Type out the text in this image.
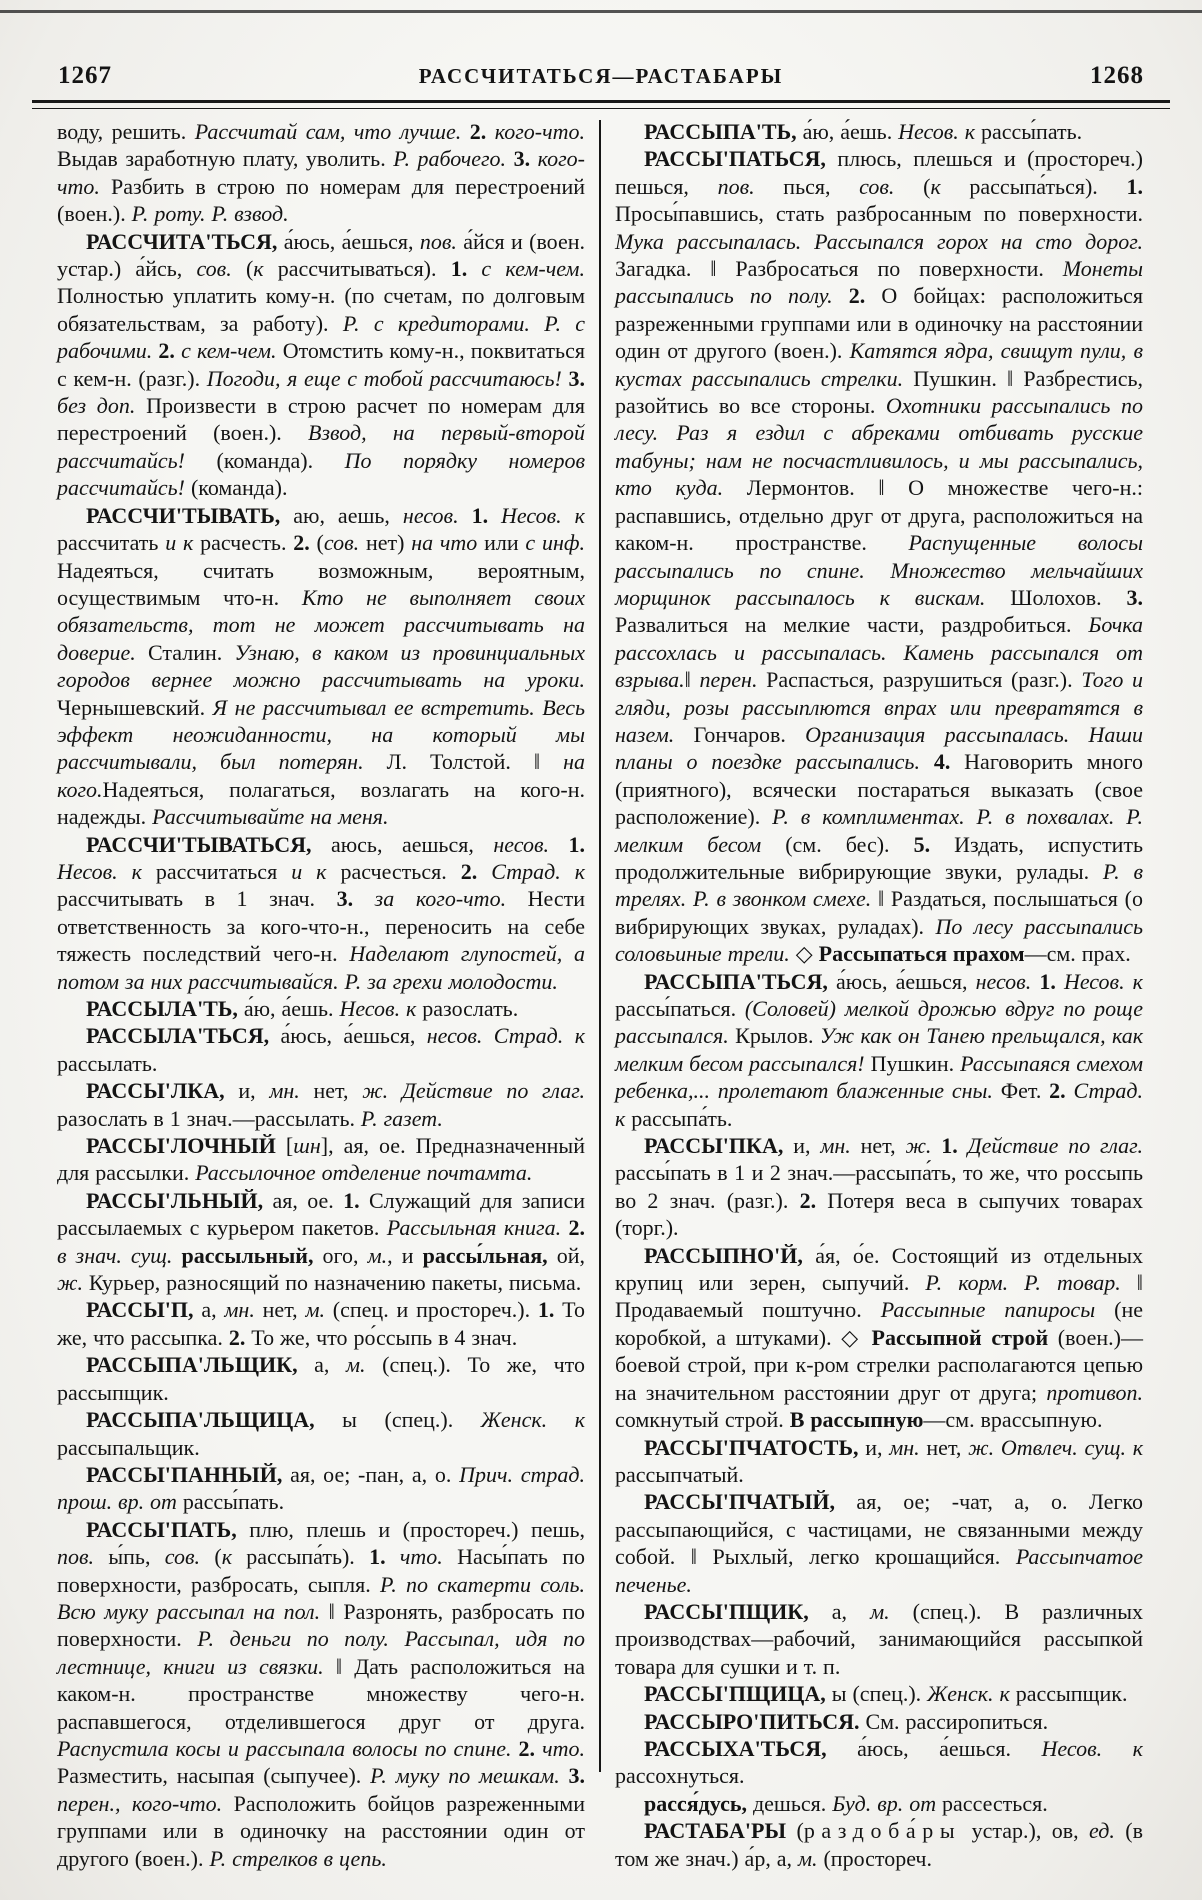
1267	РАССЧИТАТЬСЯ—РАСТАБАРЫ	1268

воду, решить. Рассчитай сам, что лучше. 2. кого-что. Выдав заработную плату, уволить. Р. рабочего. 3. кого-что. Разбить в строю по номерам для перестроений (воен.). Р. роту. Р. взвод.

РАССЧИТА'ТЬСЯ, а́юсь, а́ешься, пов. а́йся и (воен. устар.) а́йсь, сов. (к рассчитываться). 1. с кем-чем. Полностью уплатить кому-н. (по счетам, по долговым обязательствам, за работу). Р. с кредиторами. Р. с рабочими. 2. с кем-чем. Отомстить кому-н., поквитаться с кем-н. (разг.). Погоди, я еще с тобой рассчитаюсь! 3. без доп. Произвести в строю расчет по номерам для перестроений (воен.). Взвод, на первый-второй рассчитайсь! (команда). По порядку номеров рассчитайсь! (команда).

РАССЧИ'ТЫВАТЬ, аю, аешь, несов. 1. Несов. к рассчитать и к расчесть. 2. (сов. нет) на что или с инф. Надеяться, считать возможным, вероятным, осуществимым что-н. Кто не выполняет своих обязательств, тот не может рассчитывать на доверие. Сталин. Узнаю, в каком из провинциальных городов вернее можно рассчитывать на уроки. Чернышевский. Я не рассчитывал ее встретить. Весь эффект неожиданности, на который мы рассчитывали, был потерян. Л. Толстой. ‖ на кого.Надеяться, полагаться, возлагать на кого-н. надежды. Рассчитывайте на меня.

РАССЧИ'ТЫВАТЬСЯ, аюсь, аешься, несов. 1. Несов. к рассчитаться и к расчесться. 2. Страд. к рассчитывать в 1 знач. 3. за кого-что. Нести ответственность за кого-что-н., переносить на себе тяжесть последствий чего-н. Наделают глупостей, а потом за них рассчитывайся. Р. за грехи молодости.

РАССЫЛА'ТЬ, а́ю, а́ешь. Несов. к разослать.

РАССЫЛА'ТЬСЯ, а́юсь, а́ешься, несов. Страд. к рассылать.

РАССЫ'ЛКА, и, мн. нет, ж. Действие по глаг. разослать в 1 знач.—рассылать. Р. газет.

РАССЫ'ЛОЧНЫЙ [шн], ая, ое. Предназначенный для рассылки. Рассылочное отделение почтамта.

РАССЫ'ЛЬНЫЙ, ая, ое. 1. Служащий для записи рассылаемых с курьером пакетов. Рассыльная книга. 2. в знач. сущ. рассыльный, ого, м., и рассы́льная, ой, ж. Курьер, разносящий по назначению пакеты, письма.

РАССЫ'П, а, мн. нет, м. (спец. и простореч.). 1. То же, что рассыпка. 2. То же, что ро́ссыпь в 4 знач.

РАССЫПА'ЛЬЩИК, а, м. (спец.). То же, что рассыпщик.

РАССЫПА'ЛЬЩИЦА, ы (спец.). Женск. к рассыпальщик.

РАССЫ'ПАННЫЙ, ая, ое; -пан, а, о. Прич. страд. прош. вр. от рассы́пать.

РАССЫ'ПАТЬ, плю, плешь и (простореч.) пешь, пов. ы́пь, сов. (к рассыпа́ть). 1. что. Насы́пать по поверхности, разбросать, сыпля. Р. по скатерти соль. Всю муку рассыпал на пол. ‖ Разронять, разбросать по поверхности. Р. деньги по полу. Рассыпал, идя по лестнице, книги из связки. ‖ Дать расположиться на каком-н. пространстве множеству чего-н. распавшегося, отделившегося друг от друга. Распустила косы и рассыпала волосы по спине. 2. что. Разместить, насыпая (сыпучее). Р. муку по мешкам. 3. перен., кого-что. Расположить бойцов разреженными группами или в одиночку на расстоянии один от другого (воен.). Р. стрелков в цепь.

РАССЫПА'ТЬ, а́ю, а́ешь. Несов. к рассы́пать.

РАССЫ'ПАТЬСЯ, плюсь, плешься и (простореч.) пешься, пов. пься, сов. (к рассыпа́ться). 1. Просы́павшись, стать разбросанным по поверхности. Мука рассыпалась. Рассыпался горох на сто дорог. Загадка. ‖ Разбросаться по поверхности. Монеты рассыпались по полу. 2. О бойцах: расположиться разреженными группами или в одиночку на расстоянии один от другого (воен.). Катятся ядра, свищут пули, в кустах рассыпались стрелки. Пушкин. ‖ Разбрестись, разойтись во все стороны. Охотники рассыпались по лесу. Раз я ездил с абреками отбивать русские табуны; нам не посчастливилось, и мы рассыпались, кто куда. Лермонтов. ‖ О множестве чего-н.: распавшись, отдельно друг от друга, расположиться на каком-н. пространстве. Распущенные волосы рассыпались по спине. Множество мельчайших морщинок рассыпалось к вискам. Шолохов. 3. Развалиться на мелкие части, раздробиться. Бочка рассохлась и рассыпалась. Камень рассыпался от взрыва.‖ перен. Распасться, разрушиться (разг.). Того и гляди, розы рассыплются впрах или превратятся в назем. Гончаров. Организация рассыпалась. Наши планы о поездке рассыпались. 4. Наговорить много (приятного), всячески постараться выказать (свое расположение). Р. в комплиментах. Р. в похвалах. Р. мелким бесом (см. бес). 5. Издать, испустить продолжительные вибрирующие звуки, рулады. Р. в трелях. Р. в звонком смехе. ‖ Раздаться, послышаться (о вибрирующих звуках, руладах). По лесу рассыпались соловьиные трели. ◇ Рассыпаться прахом—см. прах.

РАССЫПА'ТЬСЯ, а́юсь, а́ешься, несов. 1. Несов. к рассы́паться. (Соловей) мелкой дрожью вдруг по роще рассыпался. Крылов. Уж как он Танею прельщался, как мелким бесом рассыпался! Пушкин. Рассыпаяся смехом ребенка,... пролетают блаженные сны. Фет. 2. Страд. к рассыпа́ть.

РАССЫ'ПКА, и, мн. нет, ж. 1. Действие по глаг. рассы́пать в 1 и 2 знач.—рассыпа́ть, то же, что россыпь во 2 знач. (разг.). 2. Потеря веса в сыпучих товарах (торг.).

РАССЫПНО'Й, а́я, о́е. Состоящий из отдельных крупиц или зерен, сыпучий. Р. корм. Р. товар. ‖ Продаваемый поштучно. Рассыпные папиросы (не коробкой, а штуками). ◇ Рассыпной строй (воен.)—боевой строй, при к-ром стрелки располагаются цепью на значительном расстоянии друг от друга; противоп. сомкнутый строй. В рассыпную—см. врассыпную.

РАССЫ'ПЧАТОСТЬ, и, мн. нет, ж. Отвлеч. сущ. к рассыпчатый.

РАССЫ'ПЧАТЫЙ, ая, ое; -чат, а, о. Легко рассыпающийся, с частицами, не связанными между собой. ‖ Рыхлый, легко крошащийся. Рассыпчатое печенье.

РАССЫ'ПЩИК, а, м. (спец.). В различных производствах—рабочий, занимающийся рассыпкой товара для сушки и т. п.

РАССЫ'ПЩИЦА, ы (спец.). Женск. к рассыпщик.

РАССЫРО'ПИТЬСЯ. См. рассиропиться.

РАССЫХА'ТЬСЯ, а́юсь, а́ешься. Несов. к рассохнуться.

расся́дусь, дешься. Буд. вр. от рассесться.

РАСТАБА'РЫ (раздоба́ры устар.), ов, ед. (в том же знач.) а́р, а, м. (простореч.
